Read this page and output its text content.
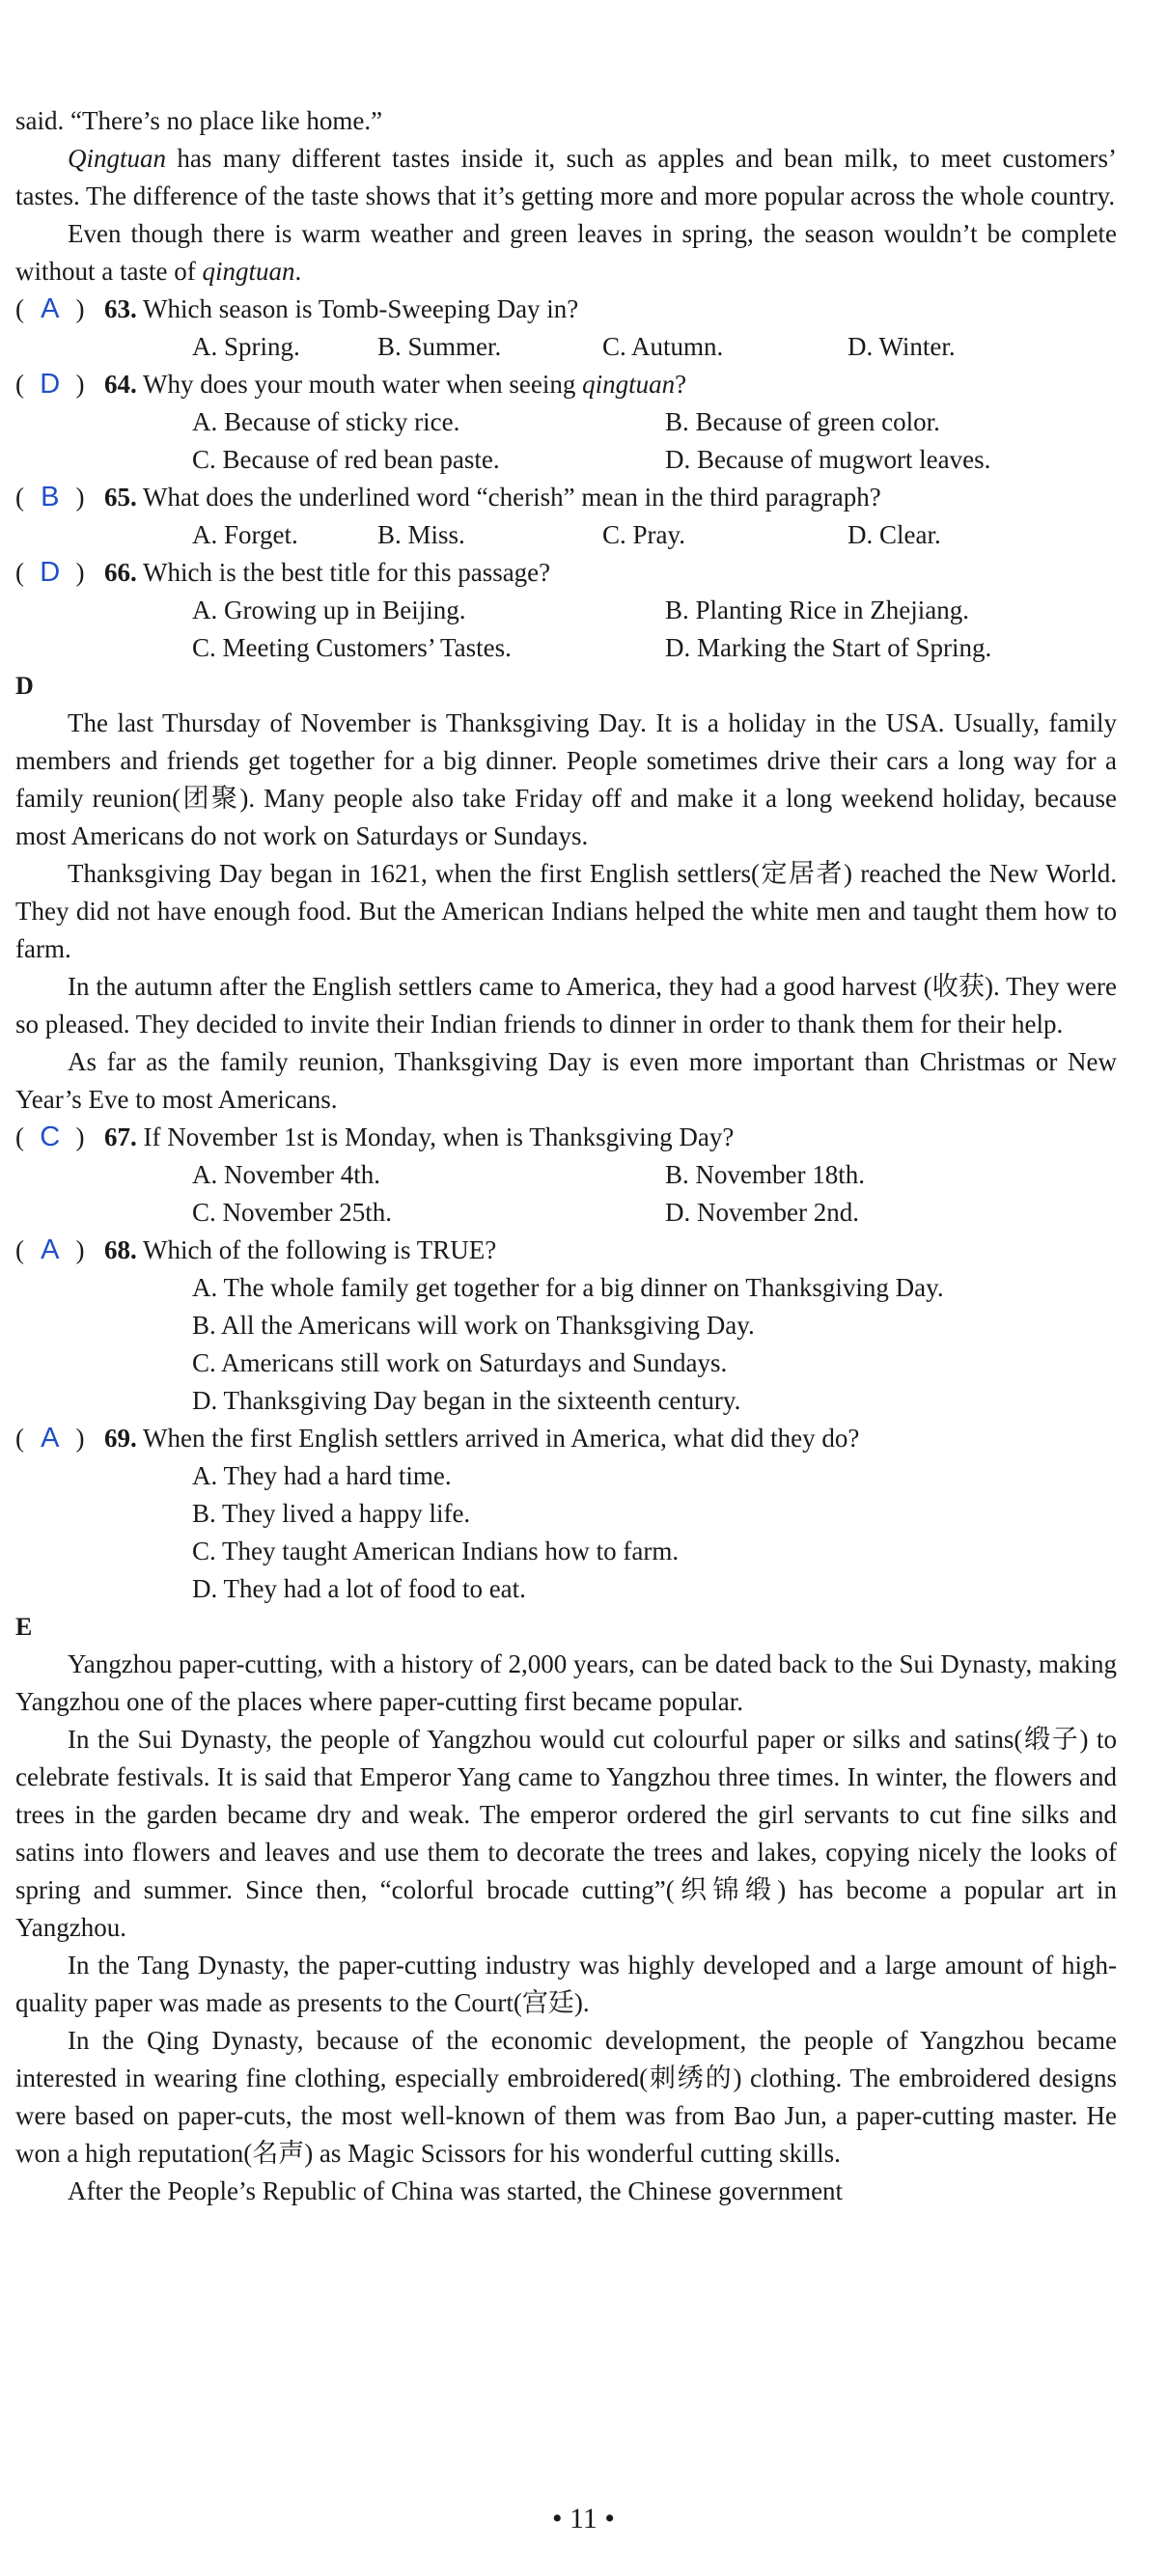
said. “There’s no place like home.”

Qingtuan has many different tastes inside it, such as apples and bean milk, to meet customers’ tastes. The difference of the taste shows that it’s getting more and more popular across the whole country.

Even though there is warm weather and green leaves in spring, the season wouldn’t be complete without a taste of qingtuan.

( A ) 63. Which season is Tomb-Sweeping Day in?
A. Spring.	B. Summer.	C. Autumn.	D. Winter.
( D ) 64. Why does your mouth water when seeing qingtuan?
A. Because of sticky rice.	B. Because of green color.
C. Because of red bean paste.	D. Because of mugwort leaves.
( B ) 65. What does the underlined word “cherish” mean in the third paragraph?
A. Forget.	B. Miss.	C. Pray.	D. Clear.
( D ) 66. Which is the best title for this passage?
A. Growing up in Beijing.	B. Planting Rice in Zhejiang.
C. Meeting Customers’ Tastes.	D. Marking the Start of Spring.

D

The last Thursday of November is Thanksgiving Day. It is a holiday in the USA. Usually, family members and friends get together for a big dinner. People sometimes drive their cars a long way for a family reunion(团聚). Many people also take Friday off and make it a long weekend holiday, because most Americans do not work on Saturdays or Sundays.

Thanksgiving Day began in 1621, when the first English settlers(定居者) reached the New World. They did not have enough food. But the American Indians helped the white men and taught them how to farm.

In the autumn after the English settlers came to America, they had a good harvest (收获). They were so pleased. They decided to invite their Indian friends to dinner in order to thank them for their help.

As far as the family reunion, Thanksgiving Day is even more important than Christmas or New Year’s Eve to most Americans.

( C ) 67. If November 1st is Monday, when is Thanksgiving Day?
A. November 4th.	B. November 18th.
C. November 25th.	D. November 2nd.
( A ) 68. Which of the following is TRUE?
A. The whole family get together for a big dinner on Thanksgiving Day.
B. All the Americans will work on Thanksgiving Day.
C. Americans still work on Saturdays and Sundays.
D. Thanksgiving Day began in the sixteenth century.
( A ) 69. When the first English settlers arrived in America, what did they do?
A. They had a hard time.
B. They lived a happy life.
C. They taught American Indians how to farm.
D. They had a lot of food to eat.

E

Yangzhou paper-cutting, with a history of 2,000 years, can be dated back to the Sui Dynasty, making Yangzhou one of the places where paper-cutting first became popular.

In the Sui Dynasty, the people of Yangzhou would cut colourful paper or silks and satins(缎子) to celebrate festivals. It is said that Emperor Yang came to Yangzhou three times. In winter, the flowers and trees in the garden became dry and weak. The emperor ordered the girl servants to cut fine silks and satins into flowers and leaves and use them to decorate the trees and lakes, copying nicely the looks of spring and summer. Since then, “colorful brocade cutting”(织锦缎) has become a popular art in Yangzhou.

In the Tang Dynasty, the paper-cutting industry was highly developed and a large amount of high-quality paper was made as presents to the Court(宫廷).

In the Qing Dynasty, because of the economic development, the people of Yangzhou became interested in wearing fine clothing, especially embroidered(刺绣的) clothing. The embroidered designs were based on paper-cuts, the most well-known of them was from Bao Jun, a paper-cutting master. He won a high reputation(名声) as Magic Scissors for his wonderful cutting skills.

After the People’s Republic of China was started, the Chinese government

• 11 •
